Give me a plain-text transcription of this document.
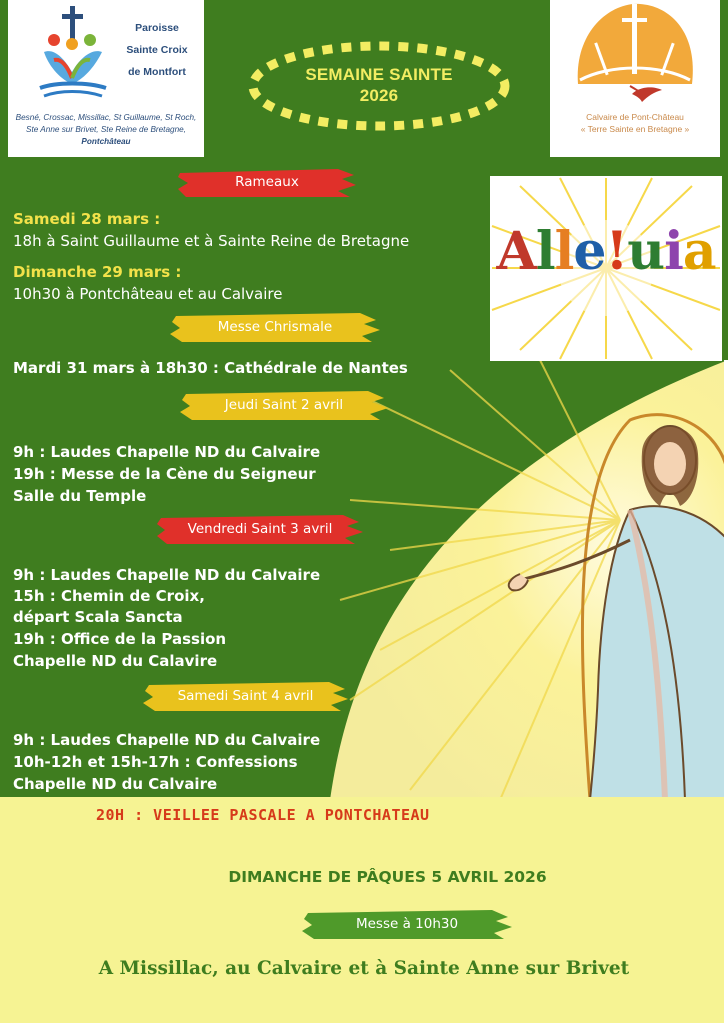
Paroisse
Sainte Croix
de Montfort
Besné, Crossac, Missillac, St Guillaume, St Roch,
Ste Anne sur Brivet, Ste Reine de Bretagne,
Pontchâteau
Calvaire de Pont-Château
« Terre Sainte en Bretagne »
SEMAINE SAINTE
2026
Alle!uia
Rameaux
Samedi 28 mars :
18h à Saint Guillaume et à Sainte Reine de Bretagne
Dimanche 29 mars :
10h30 à Pontchâteau et au Calvaire
Messe Chrismale
Mardi 31 mars à 18h30 : Cathédrale de Nantes
Jeudi Saint 2 avril
9h : Laudes Chapelle ND du Calvaire
19h : Messe de la Cène du Seigneur
Salle du Temple
Vendredi Saint 3 avril
9h : Laudes Chapelle ND du Calvaire
15h : Chemin de Croix,
départ Scala Sancta
19h : Office de la Passion
Chapelle ND du Calavire
Samedi Saint 4 avril
9h : Laudes Chapelle ND du Calvaire
10h-12h et 15h-17h : Confessions
Chapelle ND du Calvaire
20H : VEILLEE PASCALE A PONTCHATEAU
DIMANCHE DE PÂQUES 5 AVRIL 2026
Messe à 10h30
A Missillac, au Calvaire et à Sainte Anne sur Brivet
